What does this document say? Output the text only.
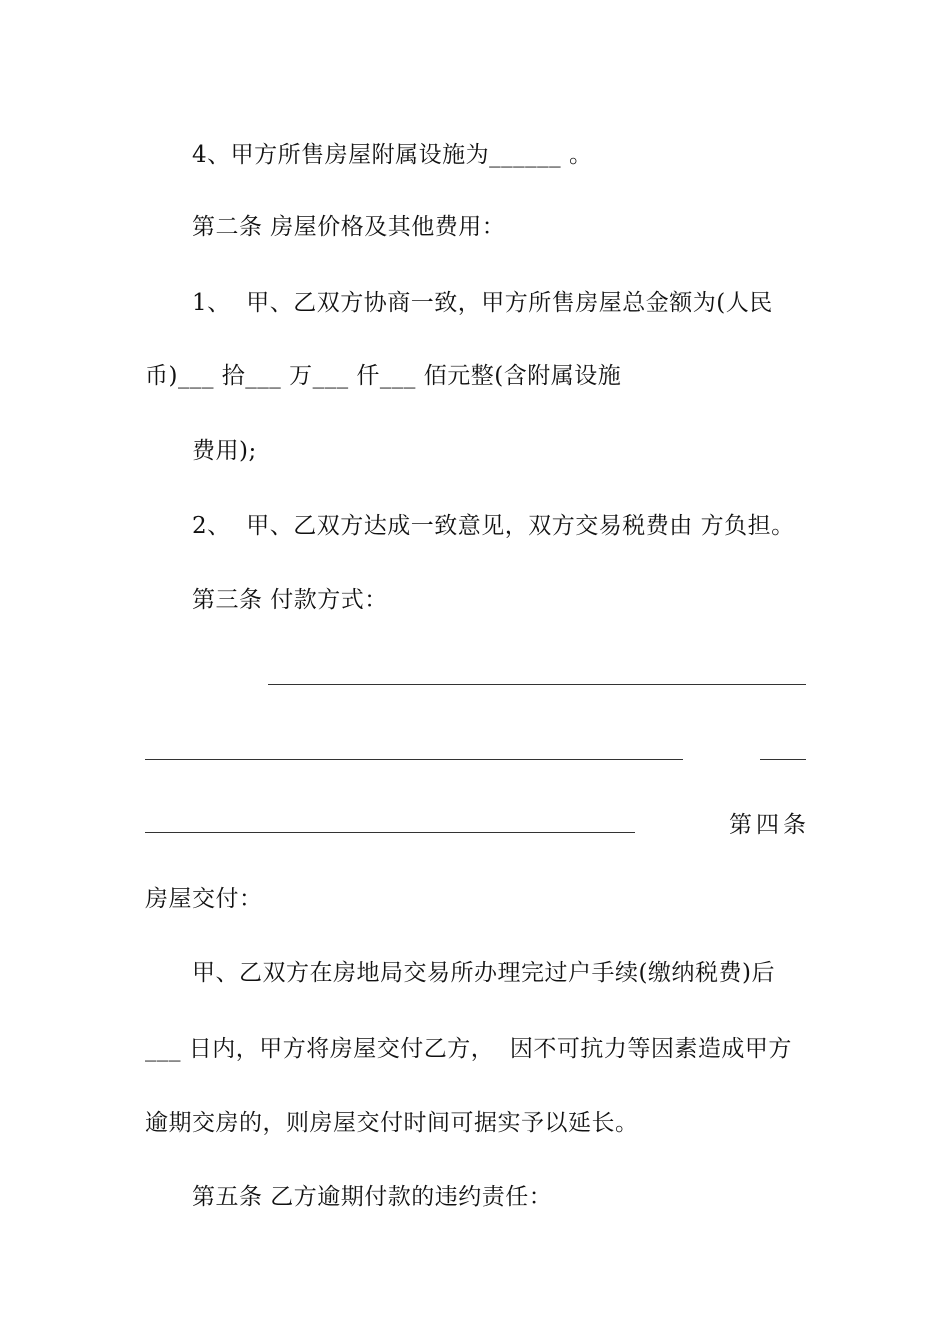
4、甲方所售房屋附属设施为______ 。
第二条 房屋价格及其他费用：
1、  甲、乙双方协商一致，甲方所售房屋总金额为(人民
币)___ 拾___ 万___ 仟___ 佰元整(含附属设施
费用);
2、  甲、乙双方达成一致意见，双方交易税费由 方负担。
第三条 付款方式：
第四条
房屋交付：
甲、乙双方在房地局交易所办理完过户手续(缴纳税费)后
___ 日内，甲方将房屋交付乙方，  因不可抗力等因素造成甲方
逾期交房的，则房屋交付时间可据实予以延长。
第五条 乙方逾期付款的违约责任：
